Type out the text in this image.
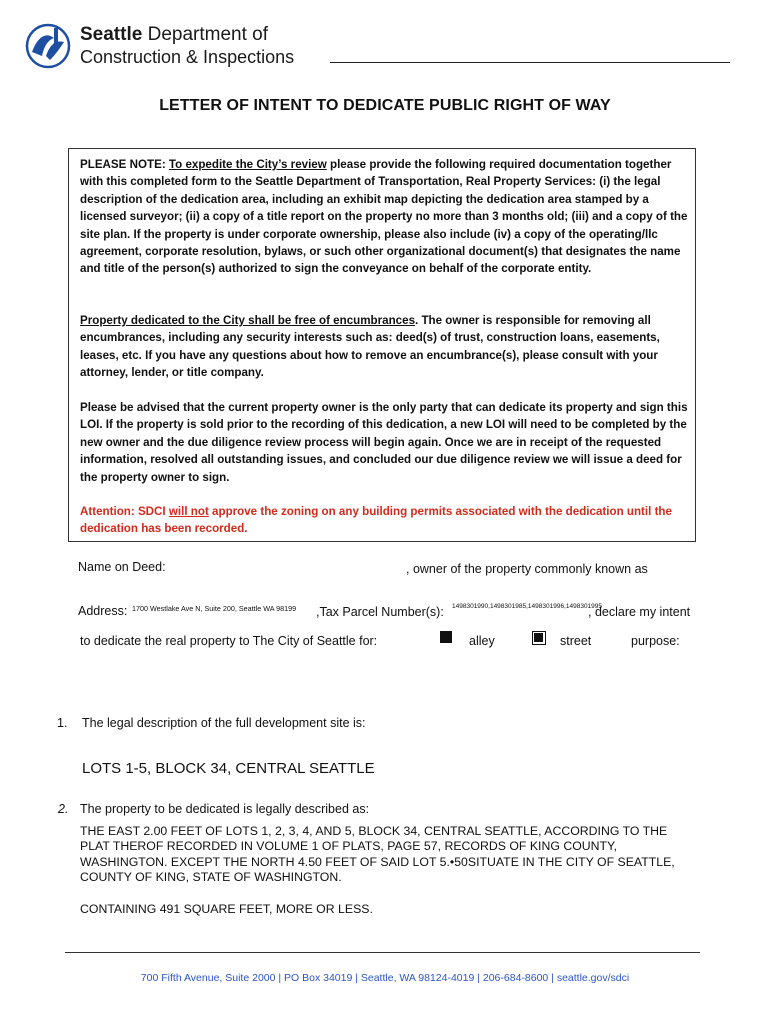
Seattle Department of
Construction & Inspections
LETTER OF INTENT TO DEDICATE PUBLIC RIGHT OF WAY

PLEASE NOTE: To expedite the City’s review please provide the following required documentation together with this completed form to the Seattle Department of Transportation, Real Property Services: (i) the legal description of the dedication area, including an exhibit map depicting the dedication area stamped by a licensed surveyor; (ii) a copy of a title report on the property no more than 3 months old; (iii) and a copy of the site plan. If the property is under corporate ownership, please also include (iv) a copy of the operating/llc agreement, corporate resolution, bylaws, or such other organizational document(s) that designates the name and title of the person(s) authorized to sign the conveyance on behalf of the corporate entity.

Property dedicated to the City shall be free of encumbrances. The owner is responsible for removing all encumbrances, including any security interests such as: deed(s) of trust, construction loans, easements, leases, etc. If you have any questions about how to remove an encumbrance(s), please consult with your attorney, lender, or title company.

Please be advised that the current property owner is the only party that can dedicate its property and sign this LOI. If the property is sold prior to the recording of this dedication, a new LOI will need to be completed by the new owner and the due diligence review process will begin again. Once we are in receipt of the requested information, resolved all outstanding issues, and concluded our due diligence review we will issue a deed for the property owner to sign.

Attention: SDCI will not approve the zoning on any building permits associated with the dedication until the dedication has been recorded.

Name on Deed:	, owner of the property commonly known as
Address: 1700 Westlake Ave N, Suite 200, Seattle WA 98199 ,Tax Parcel Number(s): 1498301990,1498301985,1498301996,1498301995
, declare my intent
to dedicate the real property to The City of Seattle for:	alley	street	purpose:
1. The legal description of the full development site is:
LOTS 1-5, BLOCK 34, CENTRAL SEATTLE
2. The property to be dedicated is legally described as:
THE EAST 2.00 FEET OF LOTS 1, 2, 3, 4, AND 5, BLOCK 34, CENTRAL SEATTLE, ACCORDING TO THE PLAT THEROF RECORDED IN VOLUME 1 OF PLATS, PAGE 57, RECORDS OF KING COUNTY, WASHINGTON. EXCEPT THE NORTH 4.50 FEET OF SAID LOT 5.•50SITUATE IN THE CITY OF SEATTLE, COUNTY OF KING, STATE OF WASHINGTON.
CONTAINING 491 SQUARE FEET, MORE OR LESS.
700 Fifth Avenue, Suite 2000 | PO Box 34019 | Seattle, WA 98124-4019 | 206-684-8600 | seattle.gov/sdci
